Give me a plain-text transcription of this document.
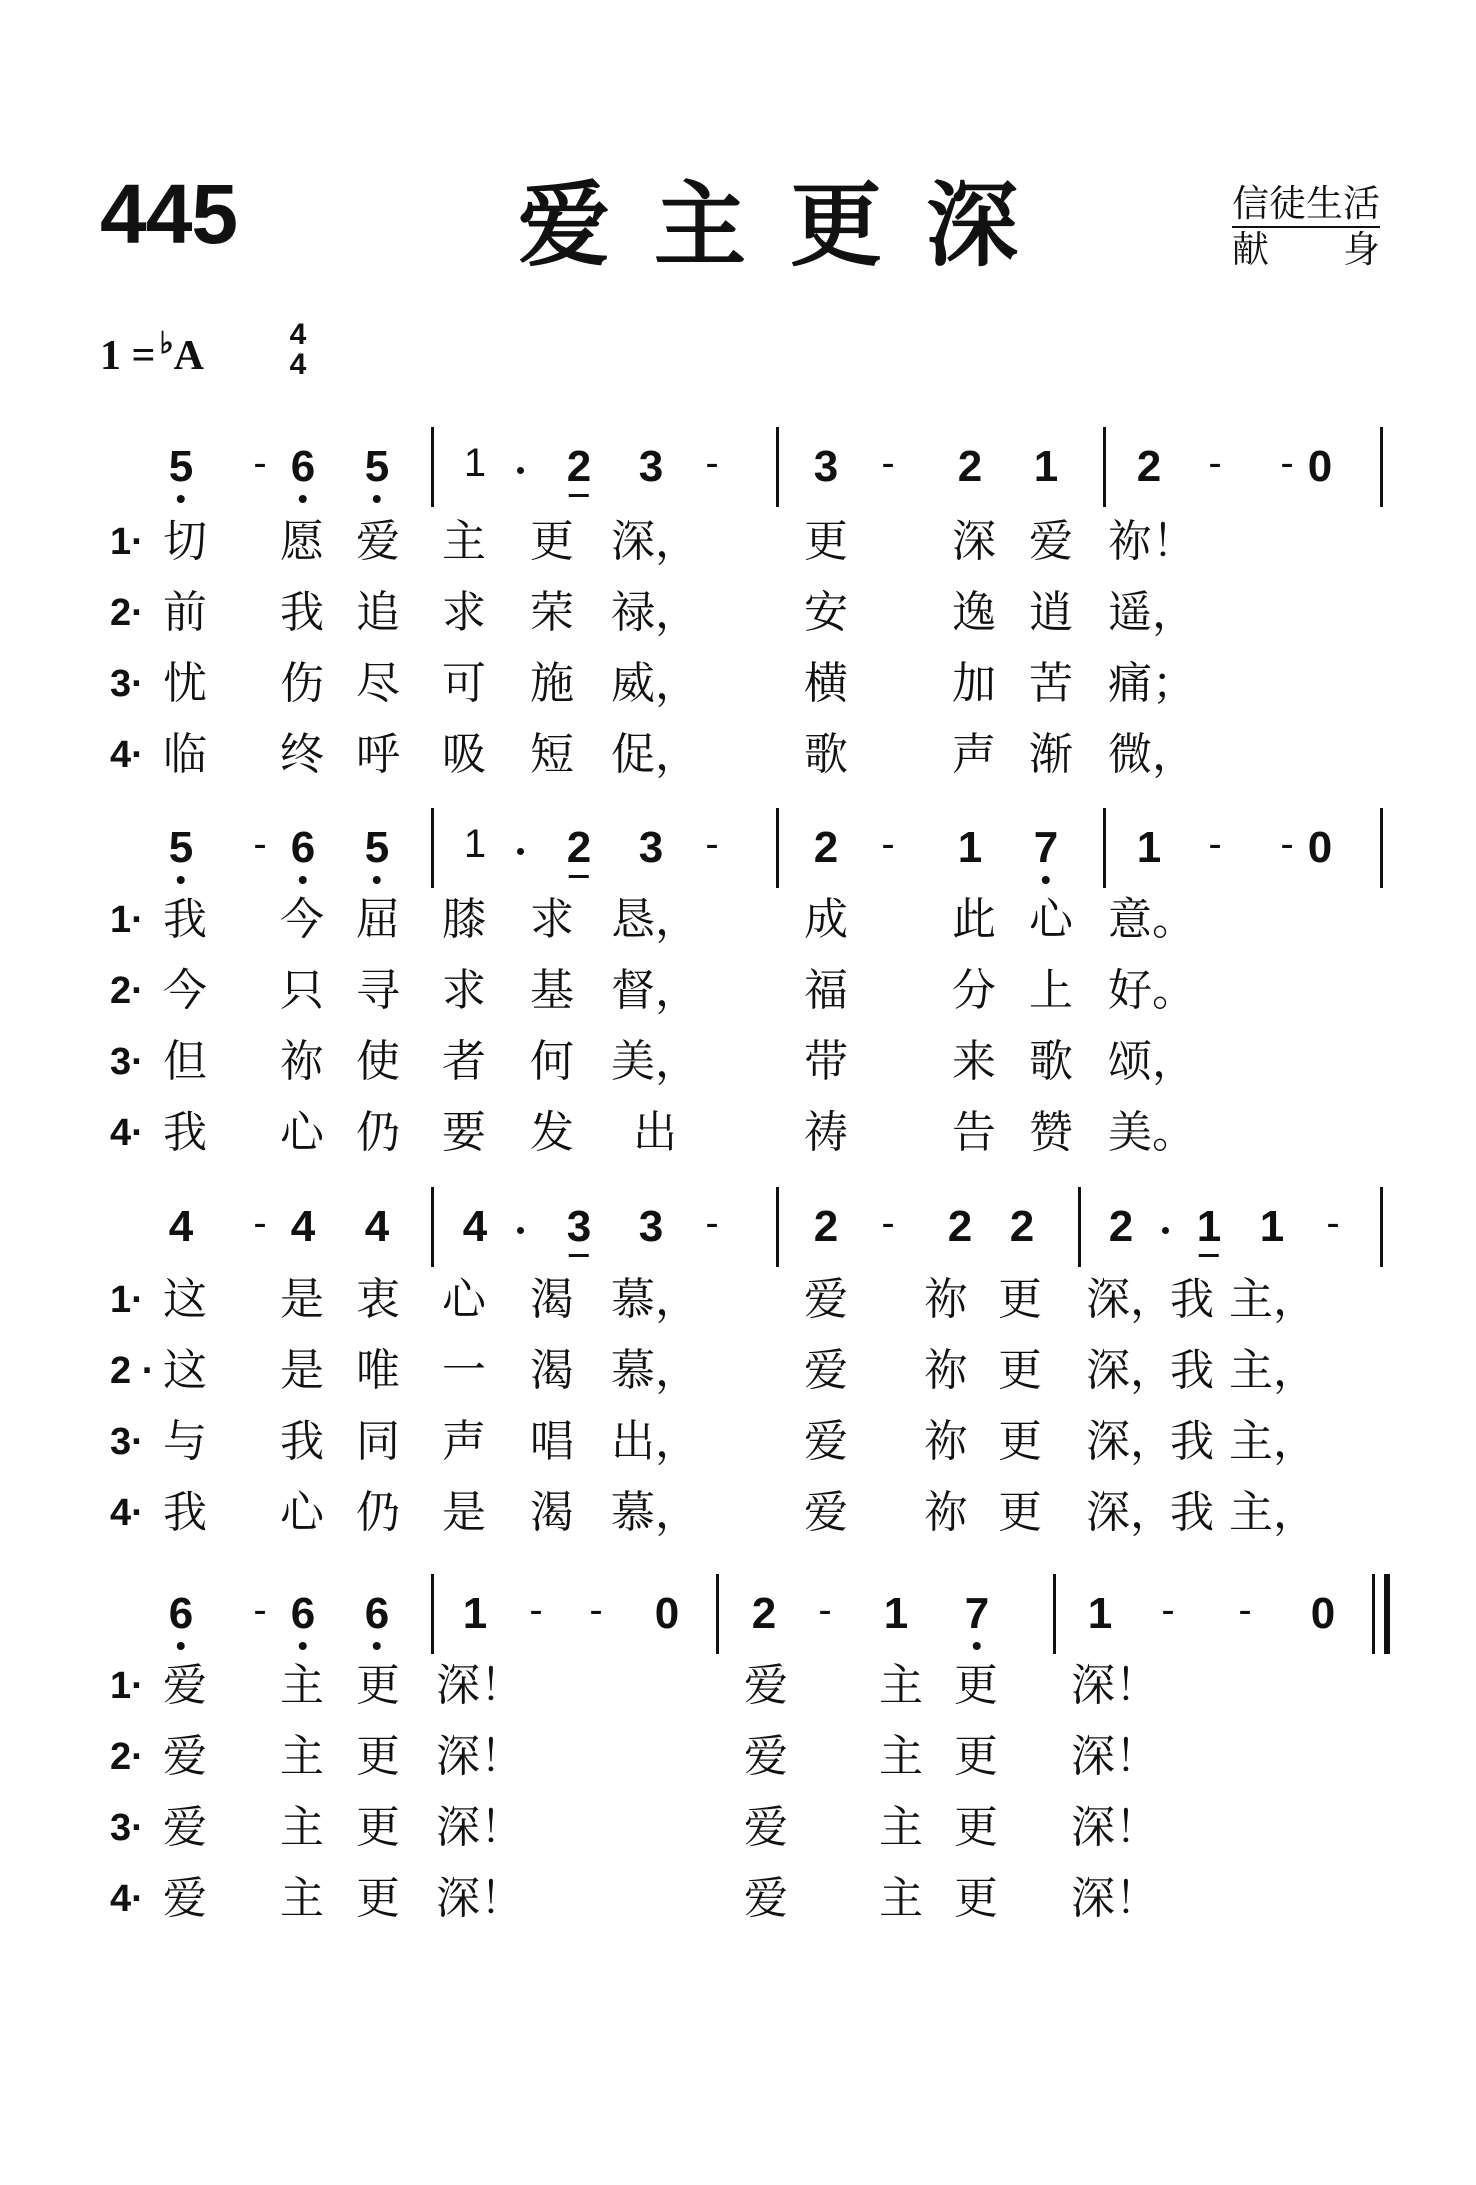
445	爱主更深	信徒生活
献 身
1 = ♭A	4
4
5 - 6 5 1 2 3 - 3 - 2 1 2 - - 0
1· 切 愿 爱 主 更 深， 更 深 爱 祢！
2· 前 我 追 求 荣 禄， 安 逸 逍 遥，
3· 忧 伤 尽 可 施 威， 横 加 苦 痛；
4· 临 终 呼 吸 短 促， 歌 声 渐 微，
5 - 6 5 1 2 3 - 2 - 1 7 1 - - 0
1· 我 今 屈 膝 求 恳， 成 此 心 意。
2· 今 只 寻 求 基 督， 福 分 上 好。
3· 但 祢 使 者 何 美， 带 来 歌 颂，
4· 我 心 仍 要 发 出	祷 告 赞 美。
4 - 4 4 4 3 3 - 2 - 2 2 2 1 1 -
1· 这 是 衷 心 渴 慕， 爱 祢 更 深，
我 主，
2 · 这 是 唯 一 渴 慕， 爱 祢 更 深，
我 主，
3· 与 我 同 声 唱 出， 爱 祢 更 深，
我 主，
4· 我 心 仍 是 渴 慕， 爱 祢 更 深，
我 主，
6 - 6 6 1 - - 0 2 - 1 7 1 - - 0
1· 爱 主 更 深！	爱 主 更 深！
2· 爱 主 更 深！	爱 主 更 深！
3· 爱 主 更 深！	爱 主 更 深！
4· 爱 主 更 深！	爱 主 更 深！
